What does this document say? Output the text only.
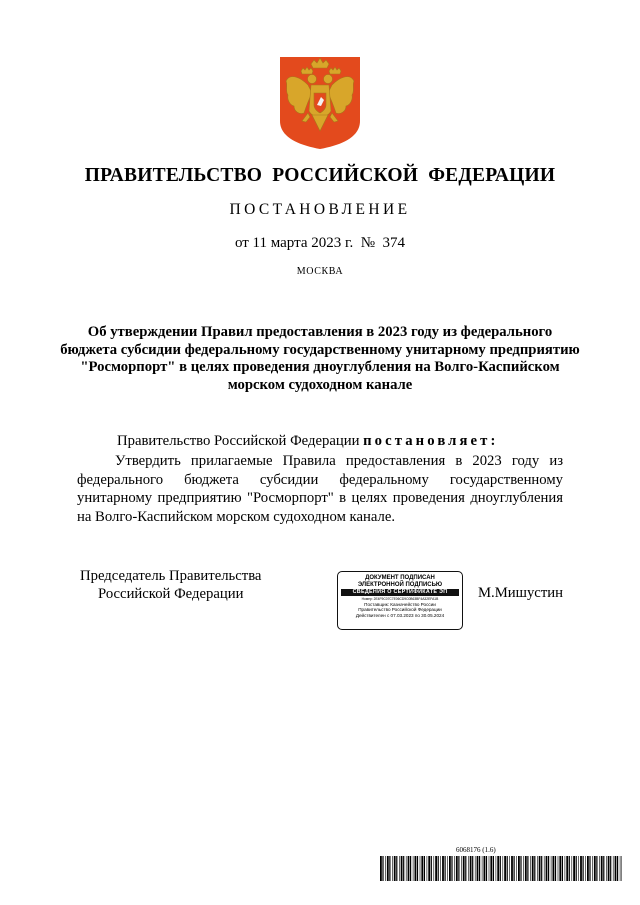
ПРАВИТЕЛЬСТВО  РОССИЙСКОЙ  ФЕДЕРАЦИИ
ПОСТАНОВЛЕНИЕ
от 11 марта 2023 г.  №  374
МОСКВА
Об утверждении Правил предоставления в 2023 году из федерального бюджета субсидии федеральному государственному унитарному предприятию "Росморпорт" в целях проведения дноуглубления на Волго-Каспийском морском судоходном канале
Правительство Российской Федерации постановляет:
Утвердить прилагаемые Правила предоставления в 2023 году из федерального бюджета субсидии федеральному государственному унитарному предприятию "Росморпорт" в целях проведения дноуглубления на Волго-Каспийском морском судоходном канале.
Председатель Правительства
Российской Федерации
ДОКУМЕНТ ПОДПИСАН
ЭЛЕКТРОННОЙ ПОДПИСЬЮ
СВЕДЕНИЯ О СЕРТИФИКАТЕ ЭП
Номер: 2E4F9C07C7E06CD9C0B63BF4A32EFA1B
Поставщик: Казначейство России
Правительство Российской Федерации
Действителен с 07.03.2023 по 30.05.2024
М.Мишустин
6068176 (1.6)
